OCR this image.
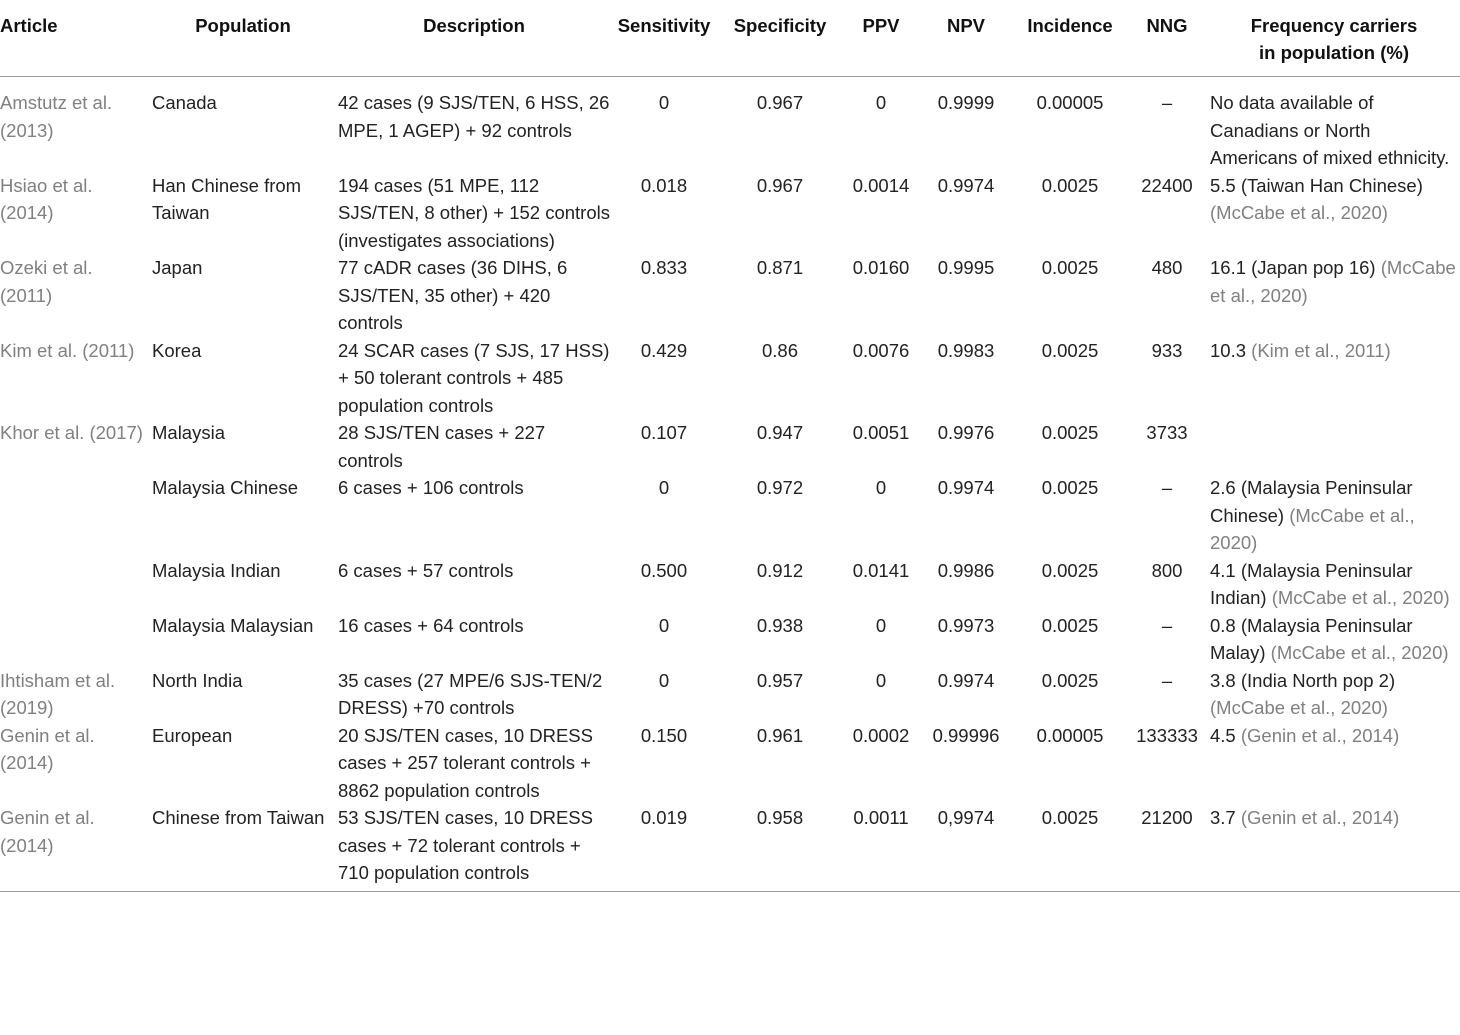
Article	Population	Description	Sensitivity	Specificity	PPV	NPV	Incidence	NNG	Frequency carriers
in population (%)
Amstutz et al. (2013)	Canada	42 cases (9 SJS/TEN, 6 HSS, 26 MPE, 1 AGEP) + 92 controls	0	0.967	0	0.9999	0.00005	–	No data available of Canadians or North Americans of mixed ethnicity.
Hsiao et al. (2014)	Han Chinese from Taiwan	194 cases (51 MPE, 112 SJS/TEN, 8 other) + 152 controls (investigates associations)	0.018	0.967	0.0014	0.9974	0.0025	22400	5.5 (Taiwan Han Chinese) (McCabe et al., 2020)
Ozeki et al. (2011)	Japan	77 cADR cases (36 DIHS, 6 SJS/TEN, 35 other) + 420 controls	0.833	0.871	0.0160	0.9995	0.0025	480	16.1 (Japan pop 16) (McCabe et al., 2020)
Kim et al. (2011)	Korea	24 SCAR cases (7 SJS, 17 HSS) + 50 tolerant controls + 485 population controls	0.429	0.86	0.0076	0.9983	0.0025	933	10.3 (Kim et al., 2011)
Khor et al. (2017)	Malaysia	28 SJS/TEN cases + 227 controls	0.107	0.947	0.0051	0.9976	0.0025	3733	
	Malaysia Chinese	6 cases + 106 controls	0	0.972	0	0.9974	0.0025	–	2.6 (Malaysia Peninsular Chinese) (McCabe et al., 2020)
	Malaysia Indian	6 cases + 57 controls	0.500	0.912	0.0141	0.9986	0.0025	800	4.1 (Malaysia Peninsular Indian) (McCabe et al., 2020)
	Malaysia Malaysian	16 cases + 64 controls	0	0.938	0	0.9973	0.0025	–	0.8 (Malaysia Peninsular Malay) (McCabe et al., 2020)
Ihtisham et al. (2019)	North India	35 cases (27 MPE/6 SJS-TEN/2 DRESS) +70 controls	0	0.957	0	0.9974	0.0025	–	3.8 (India North pop 2) (McCabe et al., 2020)
Genin et al. (2014)	European	20 SJS/TEN cases, 10 DRESS cases + 257 tolerant controls + 8862 population controls	0.150	0.961	0.0002	0.99996	0.00005	133333	4.5 (Genin et al., 2014)
Genin et al. (2014)	Chinese from Taiwan	53 SJS/TEN cases, 10 DRESS cases + 72 tolerant controls + 710 population controls	0.019	0.958	0.0011	0,9974	0.0025	21200	3.7 (Genin et al., 2014)
